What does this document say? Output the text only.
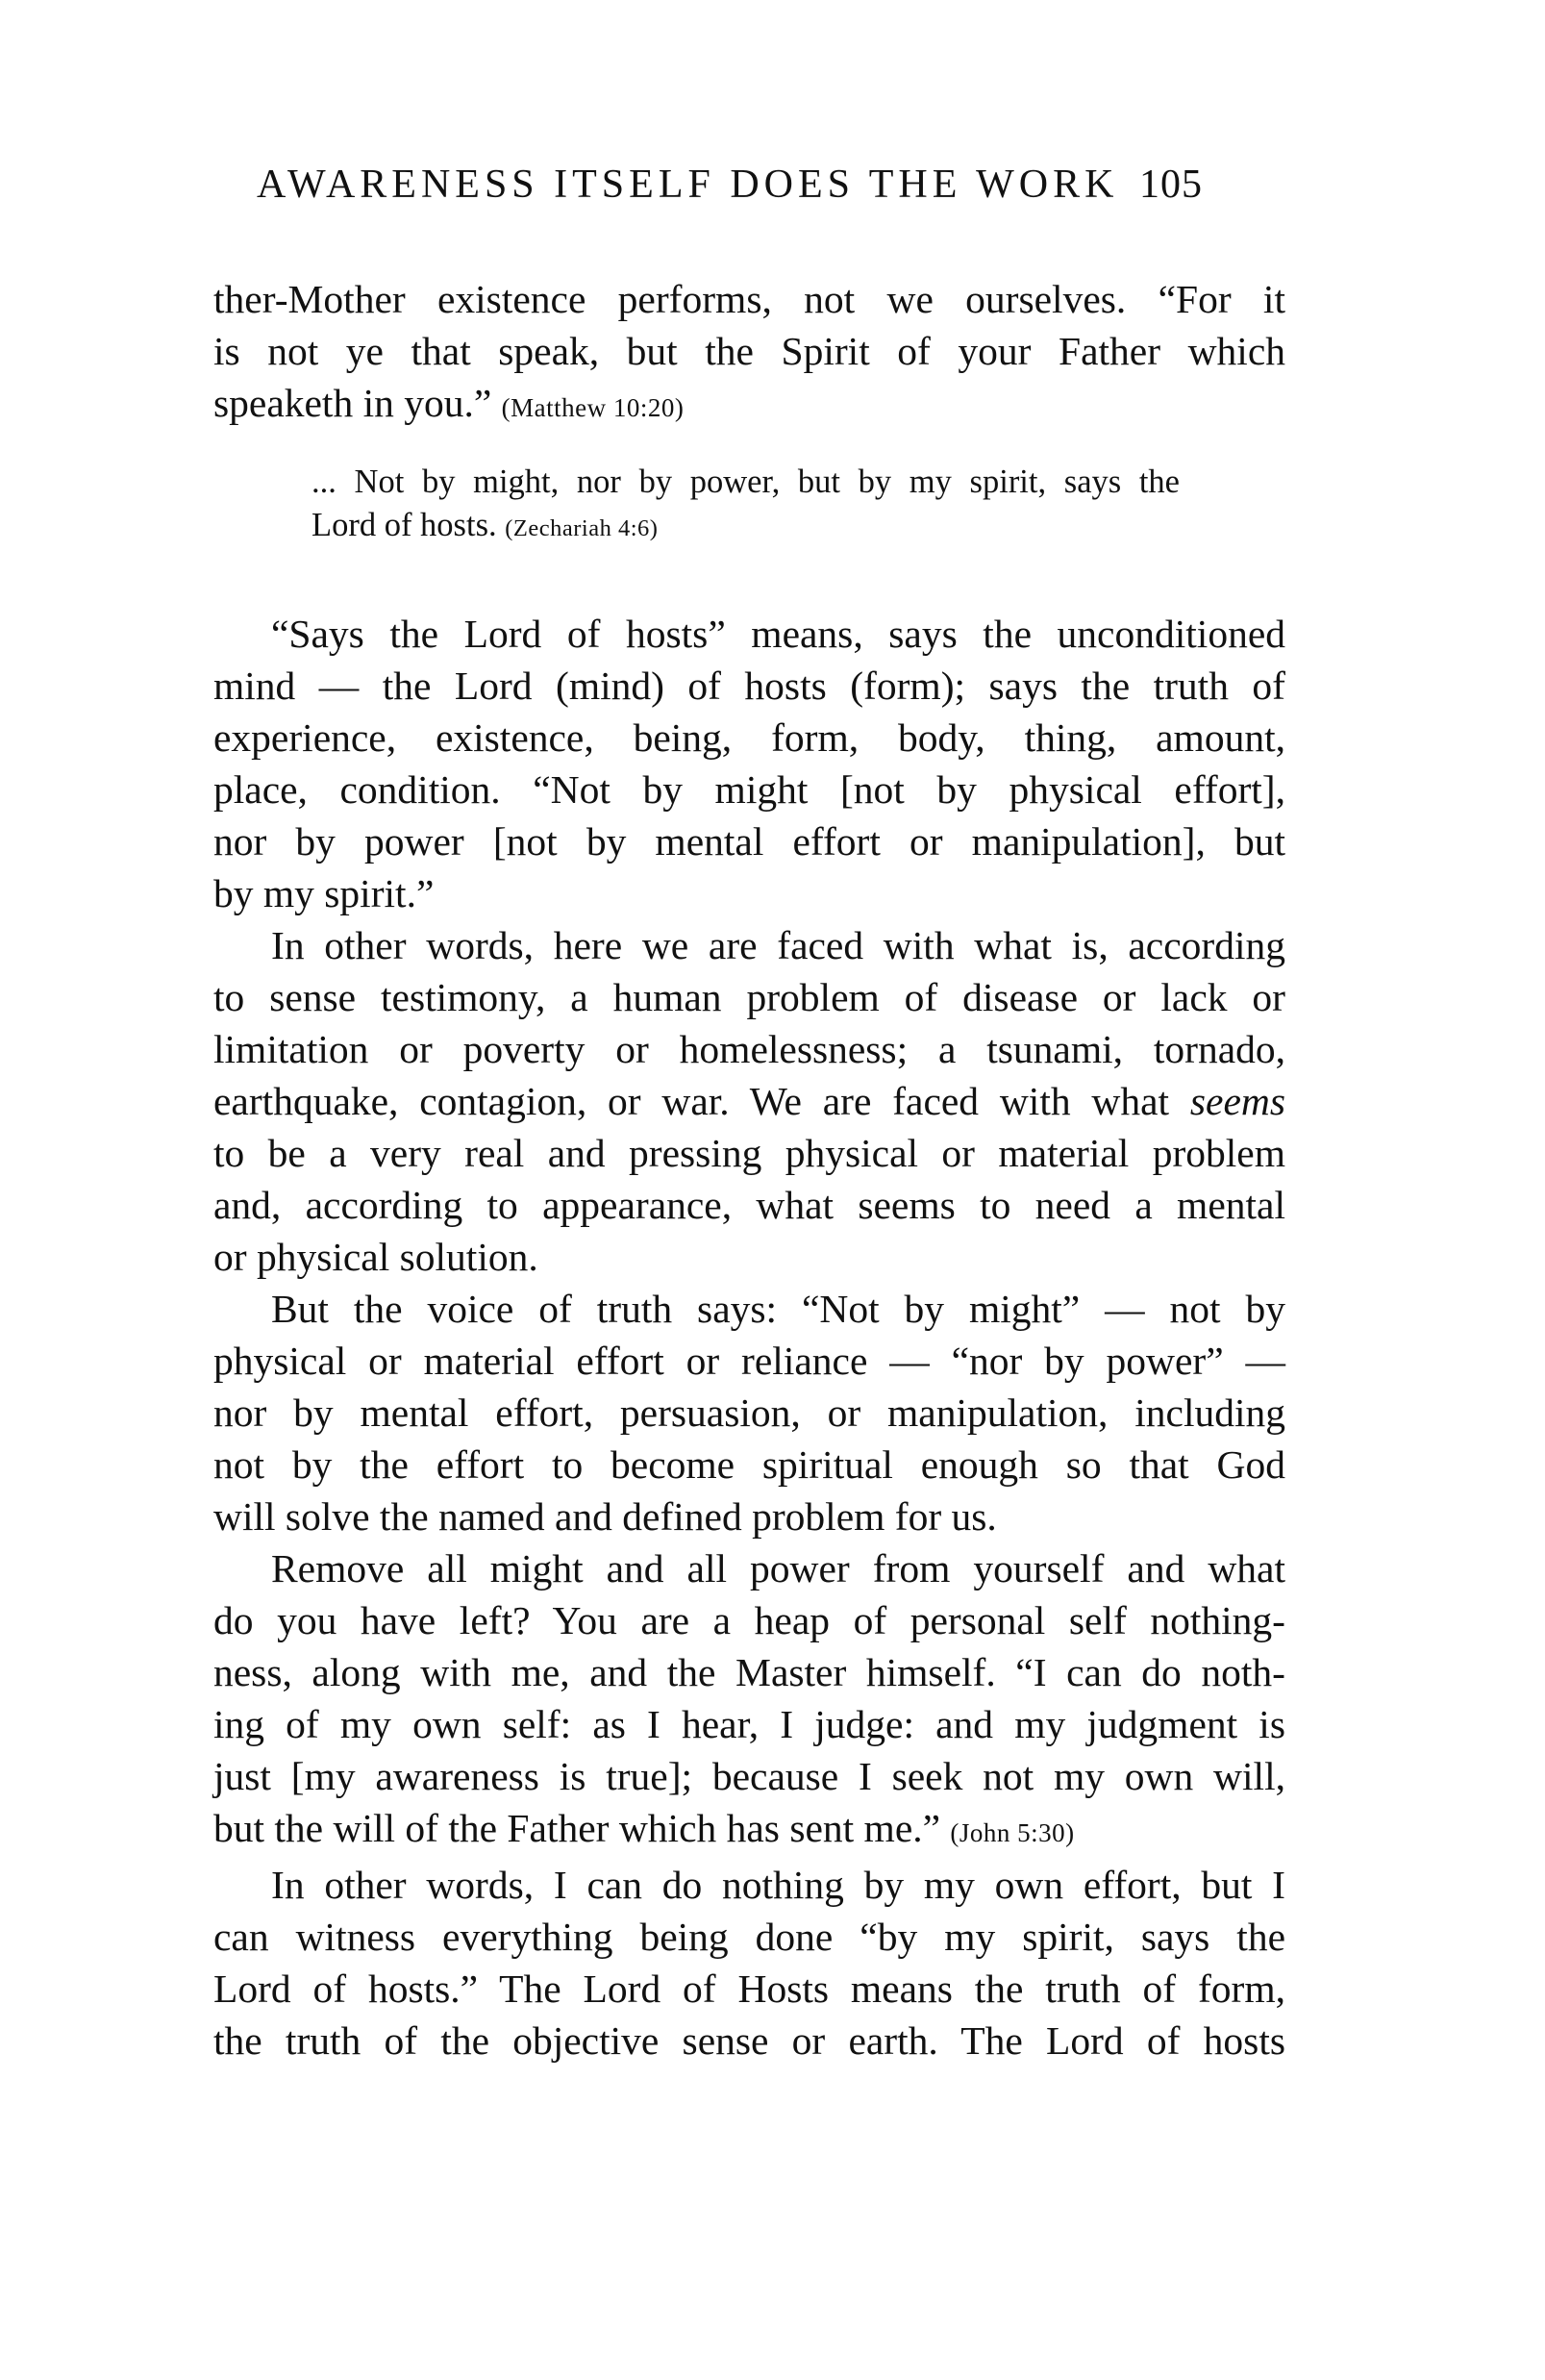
AWARENESS ITSELF DOES THE WORK 105
ther-Mother existence performs, not we ourselves. “For it
is not ye that speak, but the Spirit of your Father which
speaketh in you.” (Matthew 10:20)
... Not by might, nor by power, but by my spirit, says the
Lord of hosts. (Zechariah 4:6)
“Says the Lord of hosts” means, says the unconditioned
mind — the Lord (mind) of hosts (form); says the truth of
experience, existence, being, form, body, thing, amount,
place, condition. “Not by might [not by physical effort],
nor by power [not by mental effort or manipulation], but
by my spirit.”
In other words, here we are faced with what is, according
to sense testimony, a human problem of disease or lack or
limitation or poverty or homelessness; a tsunami, tornado,
earthquake, contagion, or war. We are faced with what seems
to be a very real and pressing physical or material problem
and, according to appearance, what seems to need a mental
or physical solution.
But the voice of truth says: “Not by might” — not by
physical or material effort or reliance — “nor by power” —
nor by mental effort, persuasion, or manipulation, including
not by the effort to become spiritual enough so that God
will solve the named and defined problem for us.
Remove all might and all power from yourself and what
do you have left? You are a heap of personal self nothing-
ness, along with me, and the Master himself. “I can do noth-
ing of my own self: as I hear, I judge: and my judgment is
just [my awareness is true]; because I seek not my own will,
but the will of the Father which has sent me.” (John 5:30)
In other words, I can do nothing by my own effort, but I
can witness everything being done “by my spirit, says the
Lord of hosts.” The Lord of Hosts means the truth of form,
the truth of the objective sense or earth. The Lord of hosts
